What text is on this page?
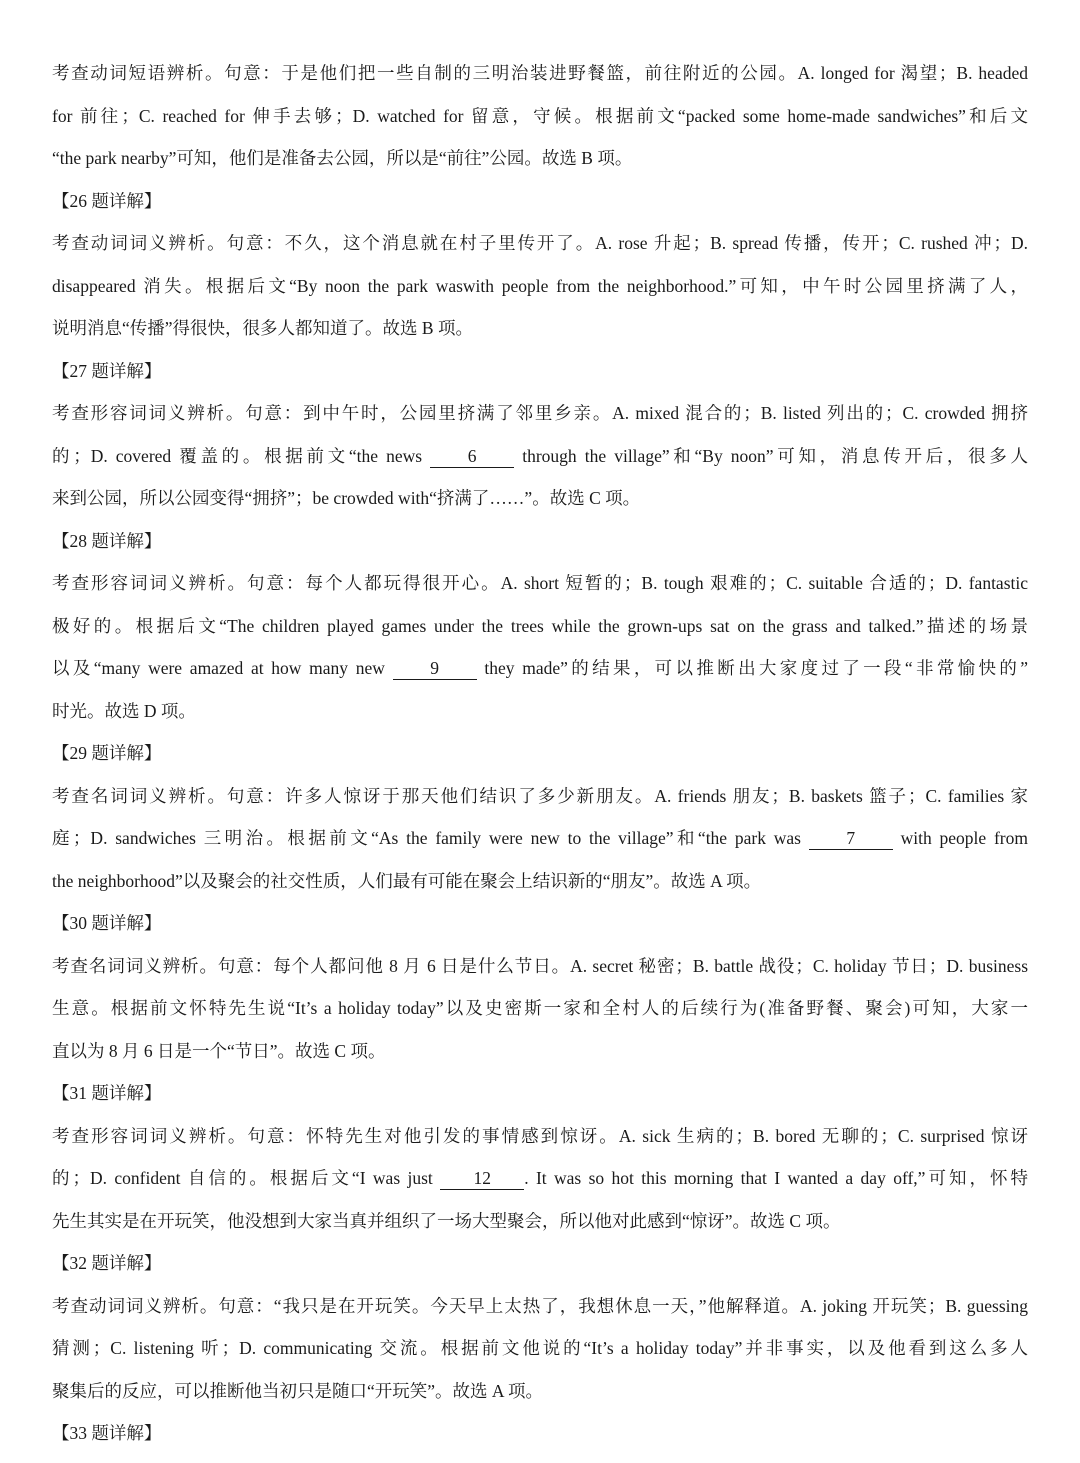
考查动词短语辨析。句意：于是他们把一些自制的三明治装进野餐篮，前往附近的公园。A. longed for 渴望；B. headed
for 前往；C. reached for 伸手去够；D. watched for 留意，守候。根据前文“packed some home-made sandwiches”和后文
“the park nearby”可知，他们是准备去公园，所以是“前往”公园。故选 B 项。
【26 题详解】
考查动词词义辨析。句意：不久，这个消息就在村子里传开了。A. rose 升起；B. spread 传播，传开；C. rushed 冲；D.
disappeared 消失。根据后文“By noon the park waswith people from the neighborhood.”可知，中午时公园里挤满了人，
说明消息“传播”得很快，很多人都知道了。故选 B 项。
【27 题详解】
考查形容词词义辨析。句意：到中午时，公园里挤满了邻里乡亲。A. mixed 混合的；B. listed 列出的；C. crowded 拥挤
的；D. covered 覆盖的。根据前文“the news 6 through the village”和“By noon”可知，消息传开后，很多人
来到公园，所以公园变得“拥挤”；be crowded with“挤满了……”。故选 C 项。
【28 题详解】
考查形容词词义辨析。句意：每个人都玩得很开心。A. short 短暂的；B. tough 艰难的；C. suitable 合适的；D. fantastic
极好的。根据后文“The children played games under the trees while the grown-ups sat on the grass and talked.”描述的场景
以及“many were amazed at how many new 9 they made”的结果，可以推断出大家度过了一段“非常愉快的”
时光。故选 D 项。
【29 题详解】
考查名词词义辨析。句意：许多人惊讶于那天他们结识了多少新朋友。A. friends 朋友；B. baskets 篮子；C. families 家
庭；D. sandwiches 三明治。根据前文“As the family were new to the village”和“the park was 7 with people from
the neighborhood”以及聚会的社交性质，人们最有可能在聚会上结识新的“朋友”。故选 A 项。
【30 题详解】
考查名词词义辨析。句意：每个人都问他 8 月 6 日是什么节日。A. secret 秘密；B. battle 战役；C. holiday 节日；D. business
生意。根据前文怀特先生说“It’s a holiday today”以及史密斯一家和全村人的后续行为(准备野餐、聚会)可知，大家一
直以为 8 月 6 日是一个“节日”。故选 C 项。
【31 题详解】
考查形容词词义辨析。句意：怀特先生对他引发的事情感到惊讶。A. sick 生病的；B. bored 无聊的；C. surprised 惊讶
的；D. confident 自信的。根据后文“I was just 12 . It was so hot this morning that I wanted a day off,”可知，怀特
先生其实是在开玩笑，他没想到大家当真并组织了一场大型聚会，所以他对此感到“惊讶”。故选 C 项。
【32 题详解】
考查动词词义辨析。句意：“我只是在开玩笑。今天早上太热了，我想休息一天，”他解释道。A. joking 开玩笑；B. guessing
猜测；C. listening 听；D. communicating 交流。根据前文他说的“It’s a holiday today”并非事实，以及他看到这么多人
聚集后的反应，可以推断他当初只是随口“开玩笑”。故选 A 项。
【33 题详解】
